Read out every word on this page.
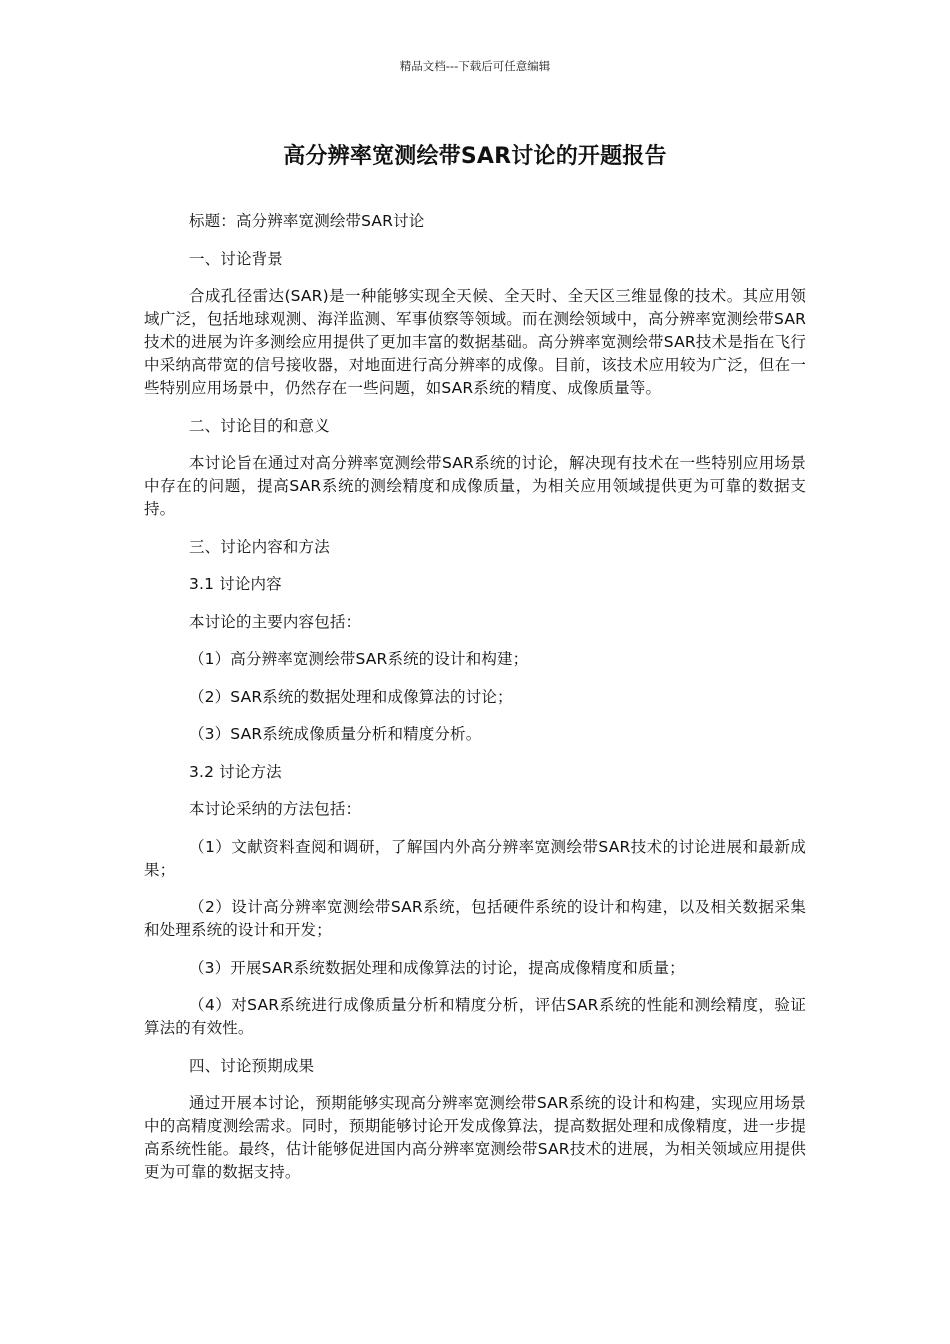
精品文档---下载后可任意编辑
高分辨率宽测绘带SAR讨论的开题报告

标题：高分辨率宽测绘带SAR讨论

一、讨论背景

合成孔径雷达(SAR)是一种能够实现全天候、全天时、全天区三维显像的技术。其应用领域广泛，包括地球观测、海洋监测、军事侦察等领域。而在测绘领域中，高分辨率宽测绘带SAR技术的进展为许多测绘应用提供了更加丰富的数据基础。高分辨率宽测绘带SAR技术是指在飞行中采纳高带宽的信号接收器，对地面进行高分辨率的成像。目前，该技术应用较为广泛，但在一些特别应用场景中，仍然存在一些问题，如SAR系统的精度、成像质量等。

二、讨论目的和意义

本讨论旨在通过对高分辨率宽测绘带SAR系统的讨论，解决现有技术在一些特别应用场景中存在的问题，提高SAR系统的测绘精度和成像质量，为相关应用领域提供更为可靠的数据支持。

三、讨论内容和方法

3.1 讨论内容

本讨论的主要内容包括：

（1）高分辨率宽测绘带SAR系统的设计和构建；

（2）SAR系统的数据处理和成像算法的讨论；

（3）SAR系统成像质量分析和精度分析。

3.2 讨论方法

本讨论采纳的方法包括：

（1）文献资料查阅和调研，了解国内外高分辨率宽测绘带SAR技术的讨论进展和最新成果；

（2）设计高分辨率宽测绘带SAR系统，包括硬件系统的设计和构建，以及相关数据采集和处理系统的设计和开发；

（3）开展SAR系统数据处理和成像算法的讨论，提高成像精度和质量；

（4）对SAR系统进行成像质量分析和精度分析，评估SAR系统的性能和测绘精度，验证算法的有效性。

四、讨论预期成果

通过开展本讨论，预期能够实现高分辨率宽测绘带SAR系统的设计和构建，实现应用场景中的高精度测绘需求。同时，预期能够讨论开发成像算法，提高数据处理和成像精度，进一步提高系统性能。最终，估计能够促进国内高分辨率宽测绘带SAR技术的进展，为相关领域应用提供更为可靠的数据支持。
